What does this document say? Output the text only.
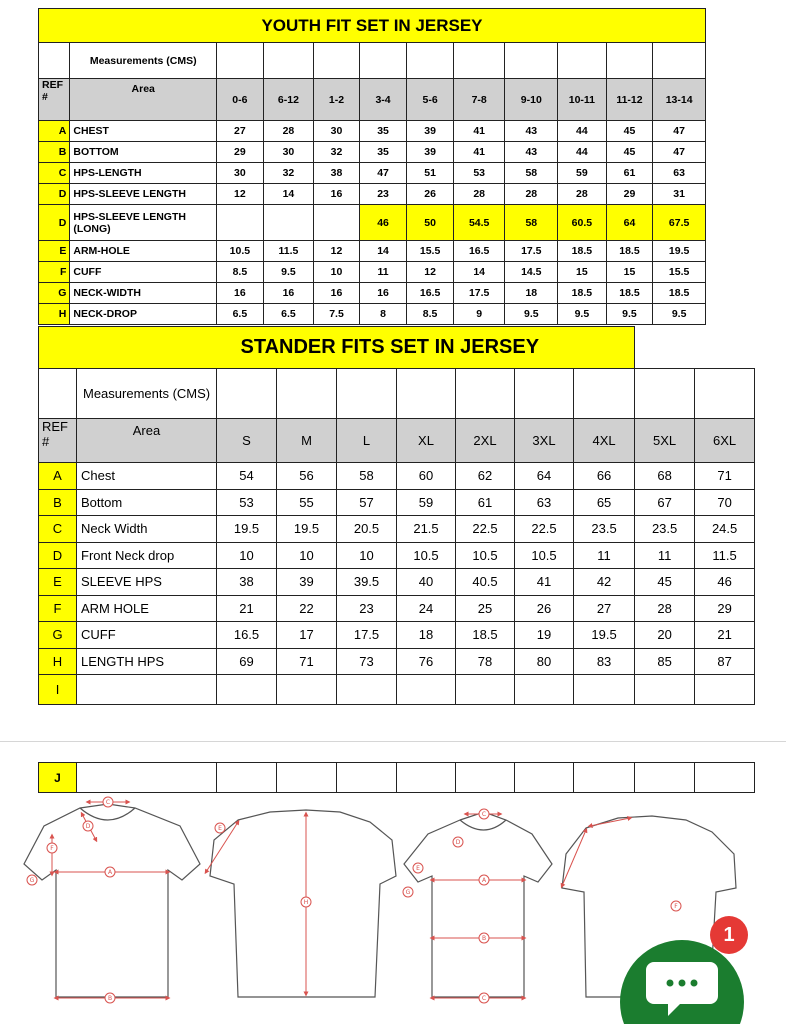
YOUTH FIT SET IN JERSEY											
	Measurements (CMS)										
REF #	Area	0-6	6-12	1-2	3-4	5-6	7-8	9-10	10-11	11-12	13-14
A	CHEST	27	28	30	35	39	41	43	44	45	47
B	BOTTOM	29	30	32	35	39	41	43	44	45	47
C	HPS-LENGTH	30	32	38	47	51	53	58	59	61	63
D	HPS-SLEEVE LENGTH	12	14	16	23	26	28	28	28	29	31
D	HPS-SLEEVE LENGTH (LONG)				46	50	54.5	58	60.5	64	67.5
E	ARM-HOLE	10.5	11.5	12	14	15.5	16.5	17.5	18.5	18.5	19.5
F	CUFF	8.5	9.5	10	11	12	14	14.5	15	15	15.5
G	NECK-WIDTH	16	16	16	16	16.5	17.5	18	18.5	18.5	18.5
H	NECK-DROP	6.5	6.5	7.5	8	8.5	9	9.5	9.5	9.5	9.5
		STANDER FITS SET IN JERSEY								
	Measurements (CMS)									
REF #	Area	S	M	L	XL	2XL	3XL	4XL	5XL	6XL
A	Chest	54	56	58	60	62	64	66	68	71
B	Bottom	53	55	57	59	61	63	65	67	70
C	Neck Width	19.5	19.5	20.5	21.5	22.5	22.5	23.5	23.5	24.5
D	Front Neck drop	10	10	10	10.5	10.5	10.5	11	11	11.5
E	SLEEVE HPS	38	39	39.5	40	40.5	41	42	45	46
F	ARM HOLE	21	22	23	24	25	26	27	28	29
G	CUFF	16.5	17	17.5	18	18.5	19	19.5	20	21
H	LENGTH HPS	69	71	73	76	78	80	83	85	87
I										
J										
C
A
B
D
F
G
H
E
C
A
B
C
D
E
G
F
1
